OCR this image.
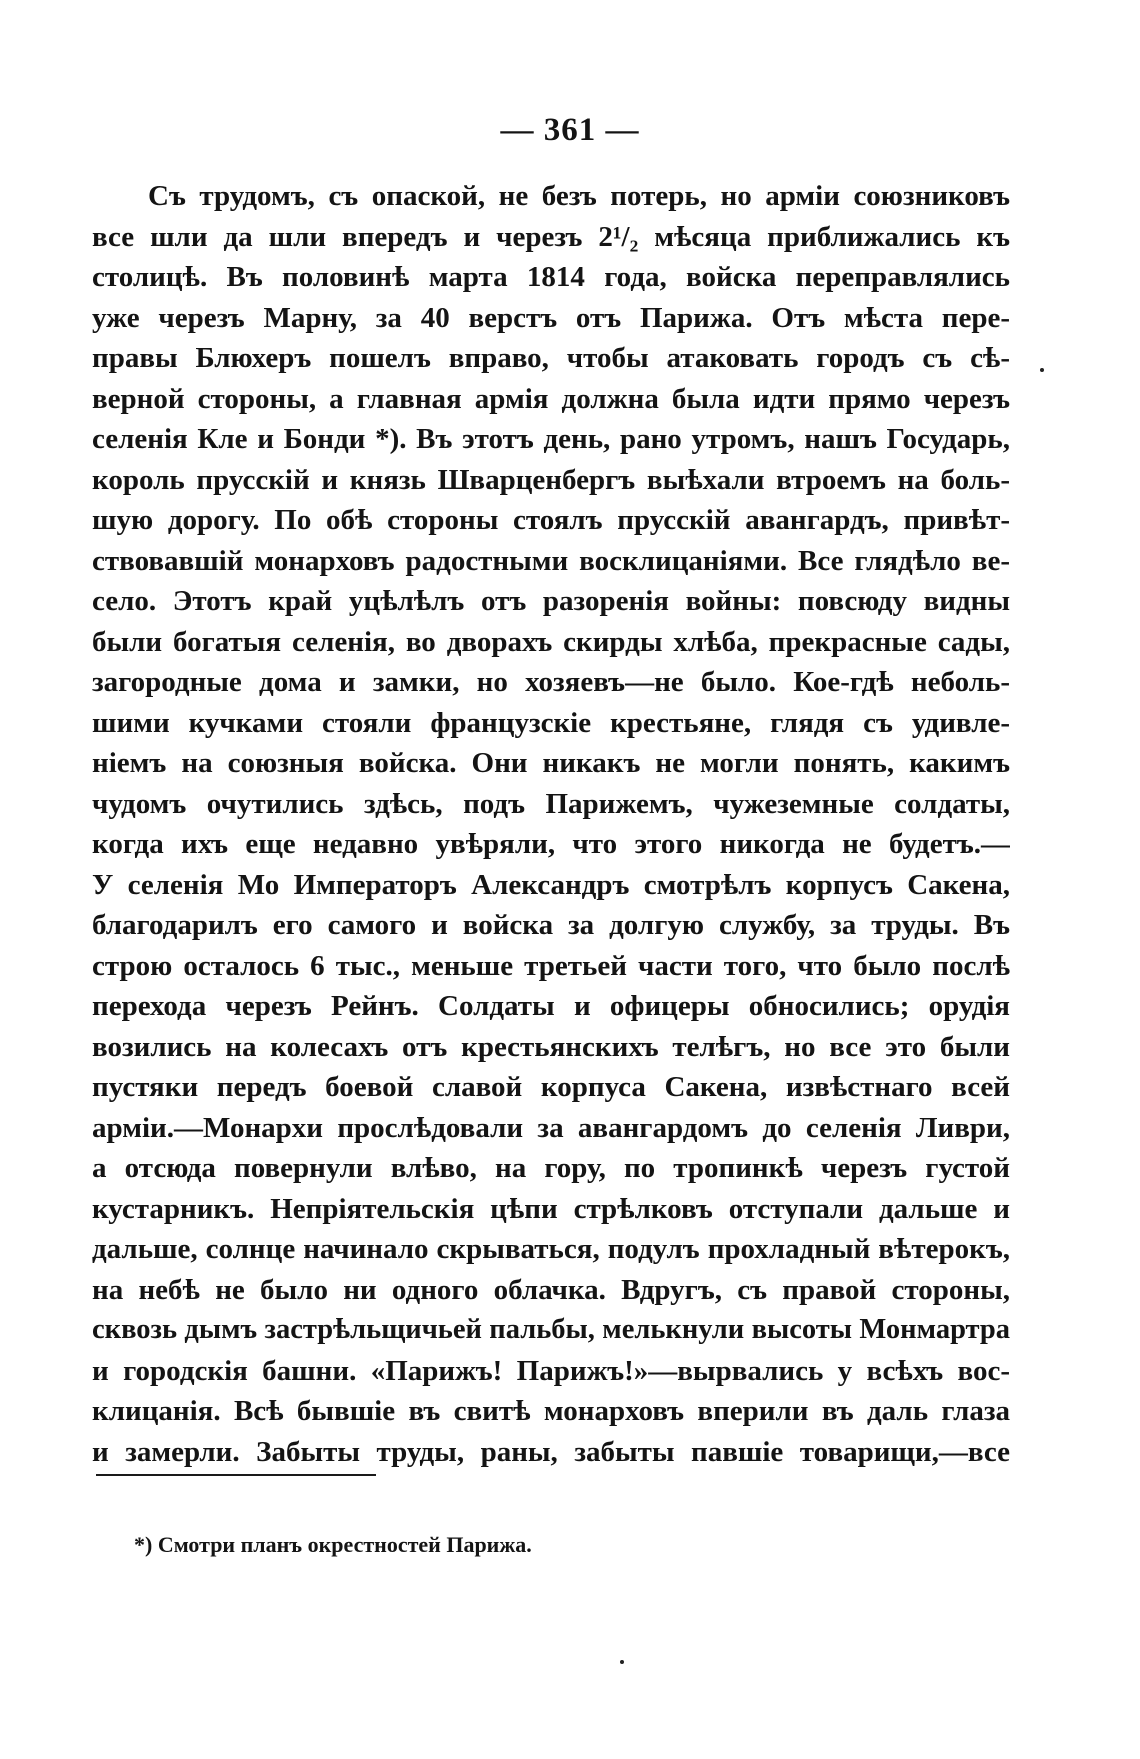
— 361 —
Съ трудомъ, съ опаской, не безъ потерь, но арміи союзниковъ
все шли да шли впередъ и черезъ 2¹/₂ мѣсяца приближались къ
столицѣ. Въ половинѣ марта 1814 года, войска переправлялись
уже черезъ Марну, за 40 верстъ отъ Парижа. Отъ мѣста пере-
правы Блюхеръ пошелъ вправо, чтобы атаковать городъ съ сѣ-
верной стороны, а главная армія должна была идти прямо черезъ
селенія Кле и Бонди *). Въ этотъ день, рано утромъ, нашъ Государь,
король прусскій и князь Шварценбергъ выѣхали втроемъ на боль-
шую дорогу. По обѣ стороны стоялъ прусскій авангардъ, привѣт-
ствовавшій монарховъ радостными восклицаніями. Все глядѣло ве-
село. Этотъ край уцѣлѣлъ отъ разоренія войны: повсюду видны
были богатыя селенія, во дворахъ скирды хлѣба, прекрасные сады,
загородные дома и замки, но хозяевъ—не было. Кое-гдѣ неболь-
шими кучками стояли французскіе крестьяне, глядя съ удивле-
ніемъ на союзныя войска. Они никакъ не могли понять, какимъ
чудомъ очутились здѣсь, подъ Парижемъ, чужеземные солдаты,
когда ихъ еще недавно увѣряли, что этого никогда не будетъ.—
У селенія Мо Императоръ Александръ смотрѣлъ корпусъ Сакена,
благодарилъ его самого и войска за долгую службу, за труды. Въ
строю осталось 6 тыс., меньше третьей части того, что было послѣ
перехода черезъ Рейнъ. Солдаты и офицеры обносились; орудія
возились на колесахъ отъ крестьянскихъ телѣгъ, но все это были
пустяки передъ боевой славой корпуса Сакена, извѣстнаго всей
арміи.—Монархи прослѣдовали за авангардомъ до селенія Ливри,
а отсюда повернули влѣво, на гору, по тропинкѣ черезъ густой
кустарникъ. Непріятельскія цѣпи стрѣлковъ отступали дальше и
дальше, солнце начинало скрываться, подулъ прохладный вѣтерокъ,
на небѣ не было ни одного облачка. Вдругъ, съ правой стороны,
сквозь дымъ застрѣльщичьей пальбы, мелькнули высоты Монмартра
и городскія башни. «Парижъ! Парижъ!»—вырвались у всѣхъ вос-
клицанія. Всѣ бывшіе въ свитѣ монарховъ вперили въ даль глаза
и замерли. Забыты труды, раны, забыты павшіе товарищи,—все
*) Смотри планъ окрестностей Парижа.
